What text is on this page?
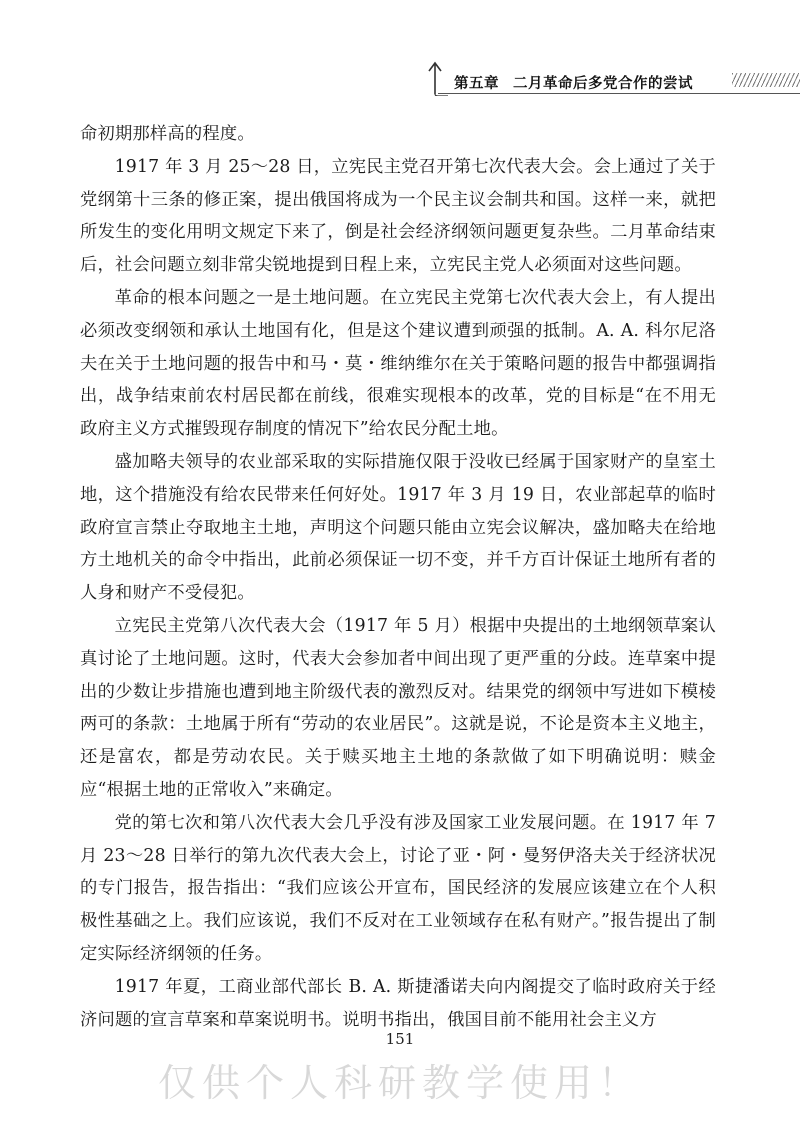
第五章 二月革命后多党合作的尝试

命初期那样高的程度。

1917 年 3 月 25～28 日，立宪民主党召开第七次代表大会。会上通过了关于党纲第十三条的修正案，提出俄国将成为一个民主议会制共和国。这样一来，就把所发生的变化用明文规定下来了，倒是社会经济纲领问题更复杂些。二月革命结束后，社会问题立刻非常尖锐地提到日程上来，立宪民主党人必须面对这些问题。

革命的根本问题之一是土地问题。在立宪民主党第七次代表大会上，有人提出必须改变纲领和承认土地国有化，但是这个建议遭到顽强的抵制。A. A. 科尔尼洛夫在关于土地问题的报告中和马・莫・维纳维尔在关于策略问题的报告中都强调指出，战争结束前农村居民都在前线，很难实现根本的改革，党的目标是“在不用无政府主义方式摧毁现存制度的情况下”给农民分配土地。

盛加略夫领导的农业部采取的实际措施仅限于没收已经属于国家财产的皇室土地，这个措施没有给农民带来任何好处。1917 年 3 月 19 日，农业部起草的临时政府宣言禁止夺取地主土地，声明这个问题只能由立宪会议解决，盛加略夫在给地方土地机关的命令中指出，此前必须保证一切不变，并千方百计保证土地所有者的人身和财产不受侵犯。

立宪民主党第八次代表大会（1917 年 5 月）根据中央提出的土地纲领草案认真讨论了土地问题。这时，代表大会参加者中间出现了更严重的分歧。连草案中提出的少数让步措施也遭到地主阶级代表的激烈反对。结果党的纲领中写进如下模棱两可的条款：土地属于所有“劳动的农业居民”。这就是说，不论是资本主义地主，还是富农，都是劳动农民。关于赎买地主土地的条款做了如下明确说明：赎金应“根据土地的正常收入”来确定。

党的第七次和第八次代表大会几乎没有涉及国家工业发展问题。在 1917 年 7 月 23～28 日举行的第九次代表大会上，讨论了亚・阿・曼努伊洛夫关于经济状况的专门报告，报告指出：“我们应该公开宣布，国民经济的发展应该建立在个人积极性基础之上。我们应该说，我们不反对在工业领域存在私有财产。”报告提出了制定实际经济纲领的任务。

1917 年夏，工商业部代部长 B. A. 斯捷潘诺夫向内阁提交了临时政府关于经济问题的宣言草案和草案说明书。说明书指出，俄国目前不能用社会主义方

151
仅供个人科研教学使用！
